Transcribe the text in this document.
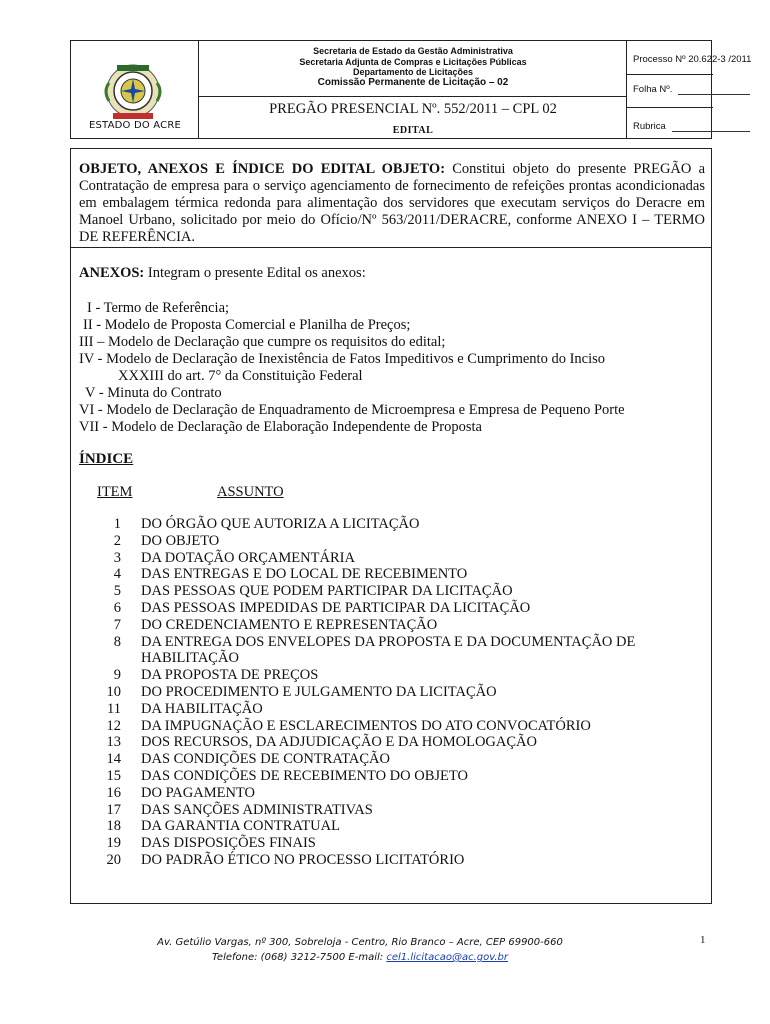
ESTADO DO ACRE
Secretaria de Estado da Gestão Administrativa
Secretaria Adjunta de Compras e Licitações Públicas
Departamento de Licitações
Comissão Permanente de Licitação – 02
PREGÃO PRESENCIAL Nº. 552/2011 – CPL 02
EDITAL
Processo Nº 20.622-3 /2011
Folha Nº.
Rubrica
OBJETO, ANEXOS E ÍNDICE DO EDITAL OBJETO: Constitui objeto do presente PREGÃO a Contratação de empresa para o serviço agenciamento de fornecimento de refeições prontas acondicionadas em embalagem térmica redonda para alimentação dos servidores que executam serviços do Deracre em Manoel Urbano, solicitado por meio do Ofício/Nº 563/2011/DERACRE, conforme ANEXO I – TERMO DE REFERÊNCIA.
ANEXOS: Integram o presente Edital os anexos:
I - Termo de Referência;
II - Modelo de Proposta Comercial e Planilha de Preços;
III – Modelo de Declaração que cumpre os requisitos do edital;
IV - Modelo de Declaração de Inexistência de Fatos Impeditivos e Cumprimento do Inciso
XXXIII do art. 7° da Constituição Federal
V - Minuta do Contrato
VI - Modelo de Declaração de Enquadramento de Microempresa e Empresa de Pequeno Porte
VII - Modelo de Declaração de Elaboração Independente de Proposta
ÍNDICE
ITEM	ASSUNTO
1 DO ÓRGÃO QUE AUTORIZA A LICITAÇÃO
2 DO OBJETO
3 DA DOTAÇÃO ORÇAMENTÁRIA
4 DAS ENTREGAS E DO LOCAL DE RECEBIMENTO
5 DAS PESSOAS QUE PODEM PARTICIPAR DA LICITAÇÃO
6 DAS PESSOAS IMPEDIDAS DE PARTICIPAR DA LICITAÇÃO
7 DO CREDENCIAMENTO E REPRESENTAÇÃO
8 DA ENTREGA DOS ENVELOPES DA PROPOSTA E DA DOCUMENTAÇÃO DE HABILITAÇÃO
9 DA PROPOSTA DE PREÇOS
10 DO PROCEDIMENTO E JULGAMENTO DA LICITAÇÃO
11 DA HABILITAÇÃO
12 DA IMPUGNAÇÃO E ESCLARECIMENTOS DO ATO CONVOCATÓRIO
13 DOS RECURSOS, DA ADJUDICAÇÃO E DA HOMOLOGAÇÃO
14 DAS CONDIÇÕES DE CONTRATAÇÃO
15 DAS CONDIÇÕES DE RECEBIMENTO DO OBJETO
16 DO PAGAMENTO
17 DAS SANÇÕES ADMINISTRATIVAS
18 DA GARANTIA CONTRATUAL
19 DAS DISPOSIÇÕES FINAIS
20 DO PADRÃO ÉTICO NO PROCESSO LICITATÓRIO
Av. Getúlio Vargas, nº 300, Sobreloja - Centro, Rio Branco – Acre, CEP 69900-660
Telefone: (068) 3212-7500 E-mail: cel1.licitacao@ac.gov.br
1
